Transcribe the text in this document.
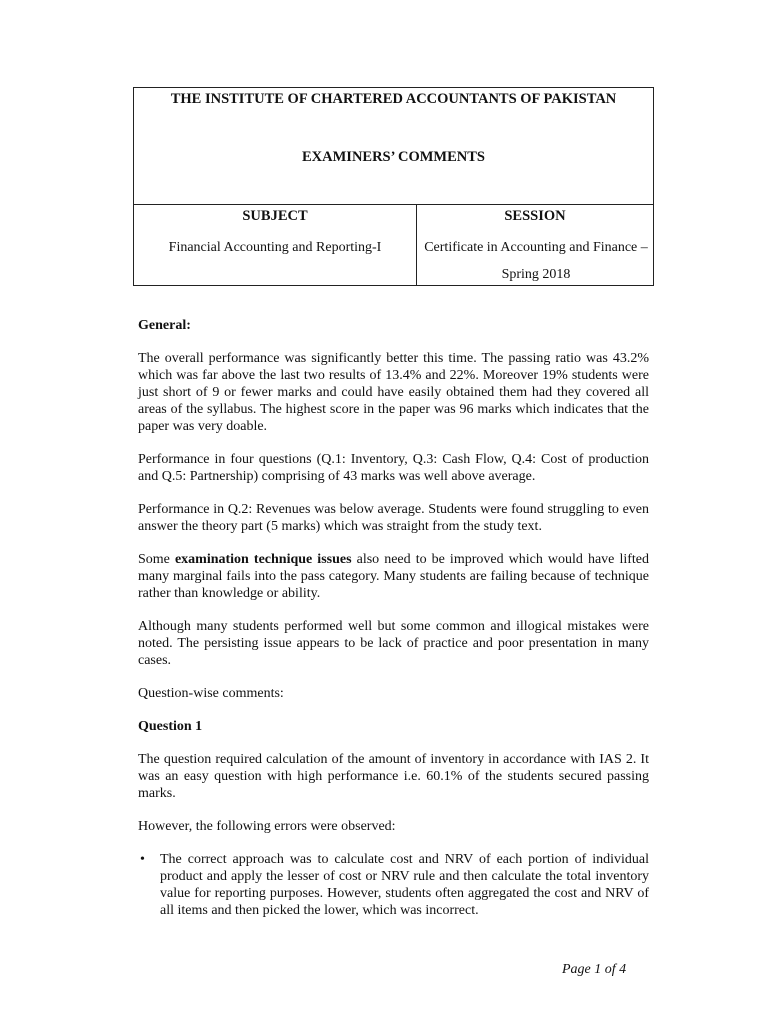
THE INSTITUTE OF CHARTERED ACCOUNTANTS OF PAKISTAN
EXAMINERS’ COMMENTS
SUBJECT
Financial Accounting and Reporting-I
SESSION
Certificate in Accounting and Finance – Spring 2018

General:

The overall performance was significantly better this time. The passing ratio was 43.2% which was far above the last two results of 13.4% and 22%. Moreover 19% students were just short of 9 or fewer marks and could have easily obtained them had they covered all areas of the syllabus. The highest score in the paper was 96 marks which indicates that the paper was very doable.

Performance in four questions (Q.1: Inventory, Q.3: Cash Flow, Q.4: Cost of production and Q.5: Partnership) comprising of 43 marks was well above average.

Performance in Q.2: Revenues was below average. Students were found struggling to even answer the theory part (5 marks) which was straight from the study text.

Some examination technique issues also need to be improved which would have lifted many marginal fails into the pass category. Many students are failing because of technique rather than knowledge or ability.

Although many students performed well but some common and illogical mistakes were noted. The persisting issue appears to be lack of practice and poor presentation in many cases.

Question-wise comments:

Question 1

The question required calculation of the amount of inventory in accordance with IAS 2. It was an easy question with high performance i.e. 60.1% of the students secured passing marks.

However, the following errors were observed:

• The correct approach was to calculate cost and NRV of each portion of individual product and apply the lesser of cost or NRV rule and then calculate the total inventory value for reporting purposes. However, students often aggregated the cost and NRV of all items and then picked the lower, which was incorrect.
Page 1 of 4
